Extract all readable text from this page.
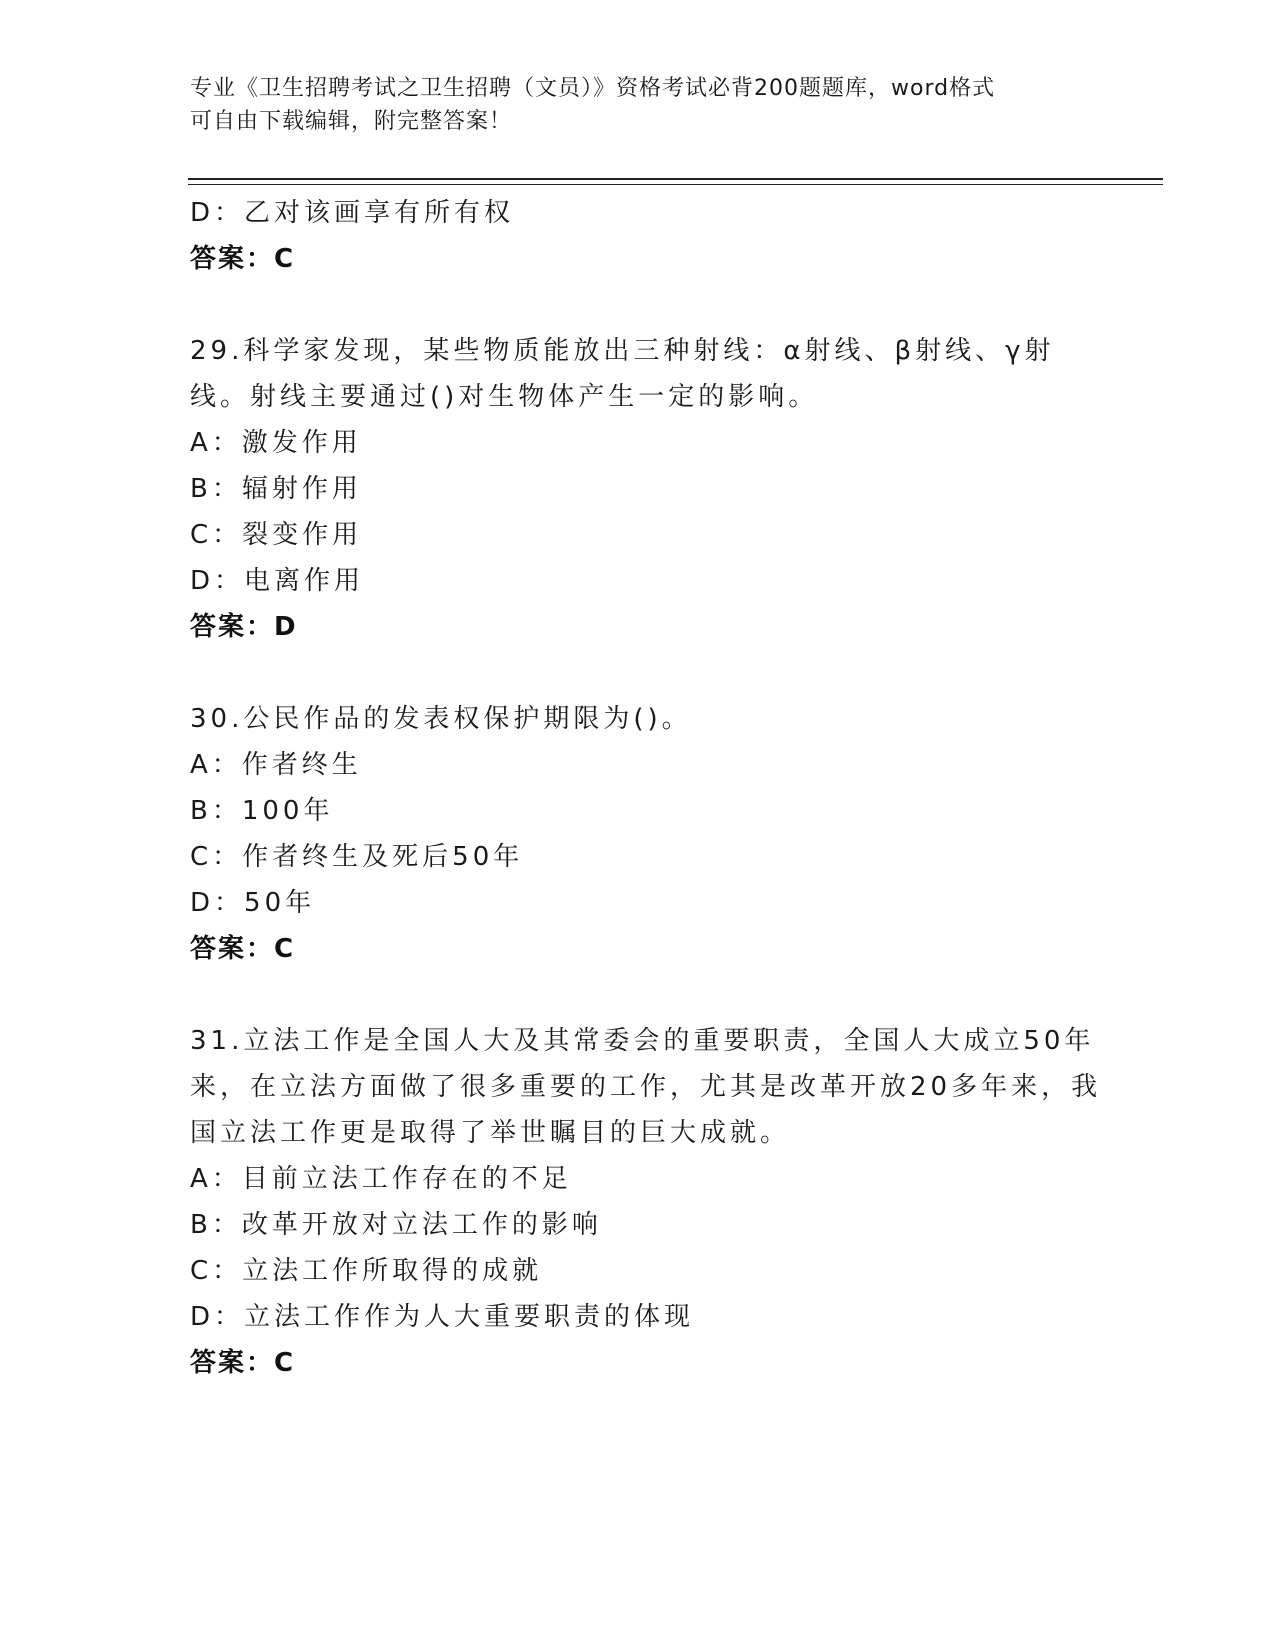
专业《卫生招聘考试之卫生招聘（文员）》资格考试必背200题题库，word格式
可自由下载编辑，附完整答案！
D：乙对该画享有所有权
答案：C
29.科学家发现，某些物质能放出三种射线：α射线、β射线、γ射
线。射线主要通过()对生物体产生一定的影响。
A：激发作用
B：辐射作用
C：裂变作用
D：电离作用
答案：D
30.公民作品的发表权保护期限为()。
A：作者终生
B：100年
C：作者终生及死后50年
D：50年
答案：C
31.立法工作是全国人大及其常委会的重要职责，全国人大成立50年
来，在立法方面做了很多重要的工作，尤其是改革开放20多年来，我
国立法工作更是取得了举世瞩目的巨大成就。
A：目前立法工作存在的不足
B：改革开放对立法工作的影响
C：立法工作所取得的成就
D：立法工作作为人大重要职责的体现
答案：C
